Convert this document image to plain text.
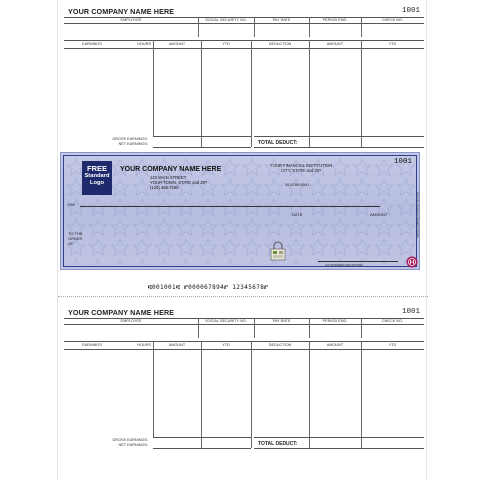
YOUR COMPANY NAME HERE	1001
EMPLOYEE	SOCIAL SECURITY NO.	PAY RATE	PERIOD END.	CHECK NO.
EARNINGS	HOURS	AMOUNT	YTD	DEDUCTION	AMOUNT	YTD
GROSS EARNINGS:
NET EARNINGS:	TOTAL DEDUCT:
FREE
Standard
Logo
YOUR COMPANY NAME HERE
123 MAIN STREET
YOUR TOWN, STATE and ZIP
(123) 465-7290
YOUR FINANCIAL INSTITUTION
CITY, STATE and ZIP
1001
00-6789-0000
PAY
DATE	AMOUNT
TO THE
ORDER
OF
AUTHORIZED SIGNATURE
Security Features: Details on back
⑆001001⑆ ⑈000067894⑈ 12345678⑈
YOUR COMPANY NAME HERE	1001
EMPLOYEE	SOCIAL SECURITY NO.	PAY RATE	PERIOD END.	CHECK NO.
EARNINGS	HOURS	AMOUNT	YTD	DEDUCTION	AMOUNT	YTD
GROSS EARNINGS:
NET EARNINGS:	TOTAL DEDUCT:
